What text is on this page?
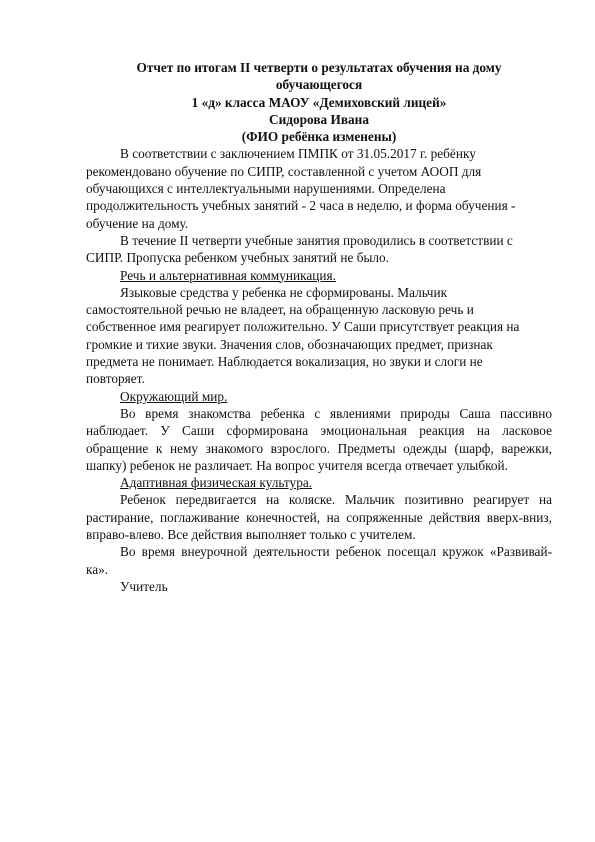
Отчет по итогам II четверти о результатах обучения на дому
обучающегося
1 «д» класса МАОУ «Демиховский лицей»
Сидорова Ивана
(ФИО ребёнка изменены)

В соответствии с заключением ПМПК от 31.05.2017 г. ребёнку
рекомендовано обучение по СИПР, составленной с учетом АООП для
обучающихся с интеллектуальными нарушениями. Определена
продолжительность учебных занятий - 2 часа в неделю, и форма обучения -
обучение на дому.

В течение II четверти учебные занятия проводились в соответствии с
СИПР. Пропуска ребенком учебных занятий не было.

Речь и альтернативная коммуникация.

Языковые средства у ребенка не сформированы. Мальчик
самостоятельной речью не владеет, на обращенную ласковую речь и
собственное имя реагирует положительно. У Саши присутствует реакция на
громкие и тихие звуки. Значения слов, обозначающих предмет, признак
предмета не понимает. Наблюдается вокализация, но звуки и слоги не
повторяет.

Окружающий мир.

Во время знакомства ребенка с явлениями природы Саша пассивно наблюдает. У Саши сформирована эмоциональная реакция на ласковое обращение к нему знакомого взрослого. Предметы одежды (шарф, варежки, шапку) ребенок не различает. На вопрос учителя всегда отвечает улыбкой.

Адаптивная физическая культура.

Ребенок передвигается на коляске. Мальчик позитивно реагирует на растирание, поглаживание конечностей, на сопряженные действия вверх-вниз, вправо-влево. Все действия выполняет только с учителем.

Во время внеурочной деятельности ребенок посещал кружок «Развивай-ка».

Учитель
